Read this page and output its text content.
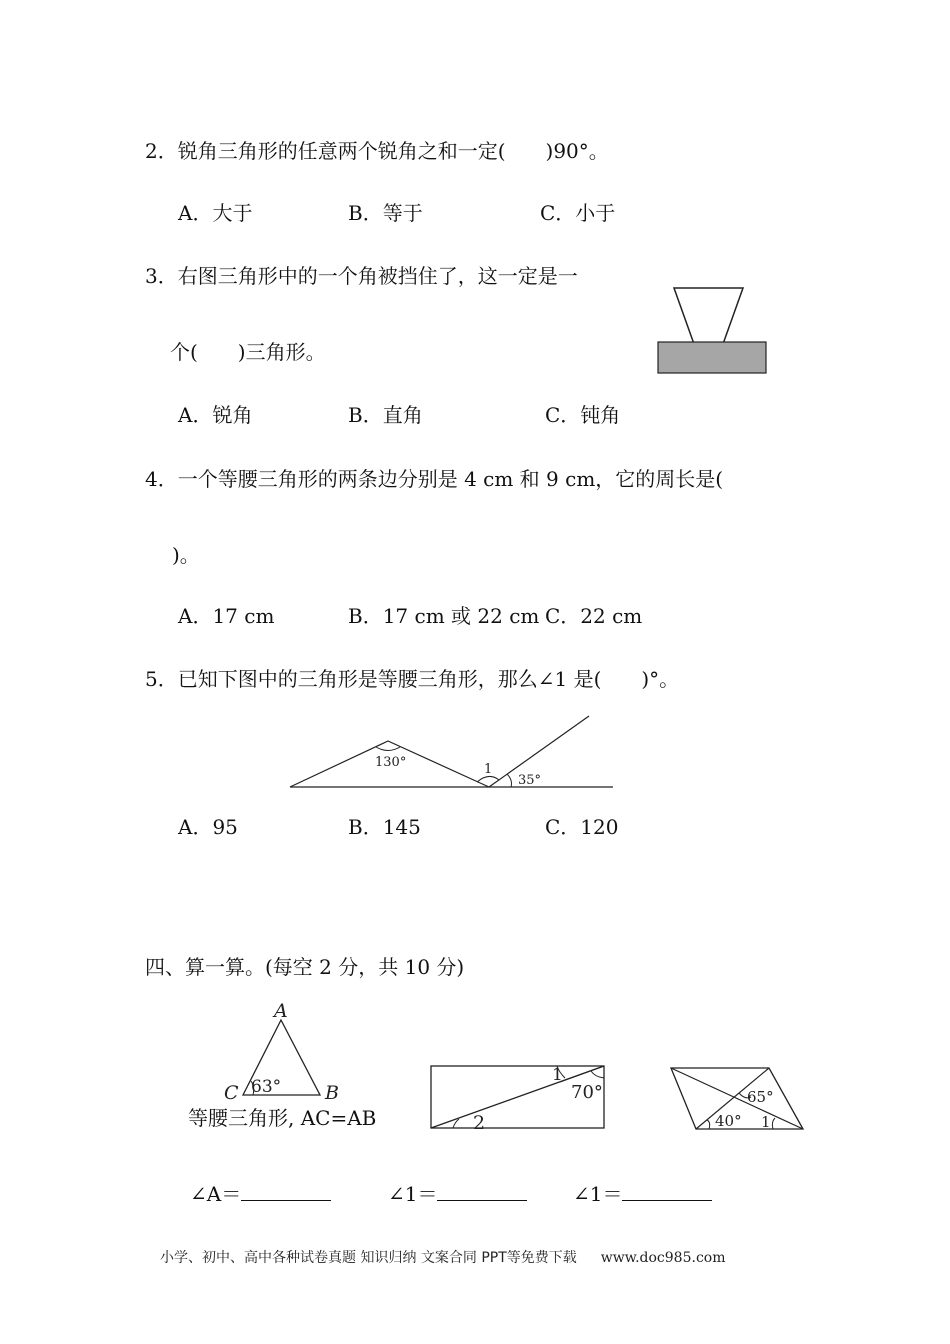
2．锐角三角形的任意两个锐角之和一定(　　)90°。
A．大于	B．等于	C．小于
3．右图三角形中的一个角被挡住了，这一定是一
个(　　)三角形。
A．锐角	B．直角	C．钝角
4．一个等腰三角形的两条边分别是 4 cm 和 9 cm，它的周长是(
)。
A．17 cm	B．17 cm 或 22 cm C．22 cm
5．已知下图中的三角形是等腰三角形，那么∠1 是(　　)°。
130°	1
35°
A．95	B．145	C．120
四、算一算。(每空 2 分，共 10 分)
A
C	B
63°
等腰三角形, AC=AB
1
70°
2
65°
40° 1
∠A＝	∠1＝	∠1＝
小学、初中、高中各种试卷真题 知识归纳 文案合同 PPT等免费下载 www.doc985.com
